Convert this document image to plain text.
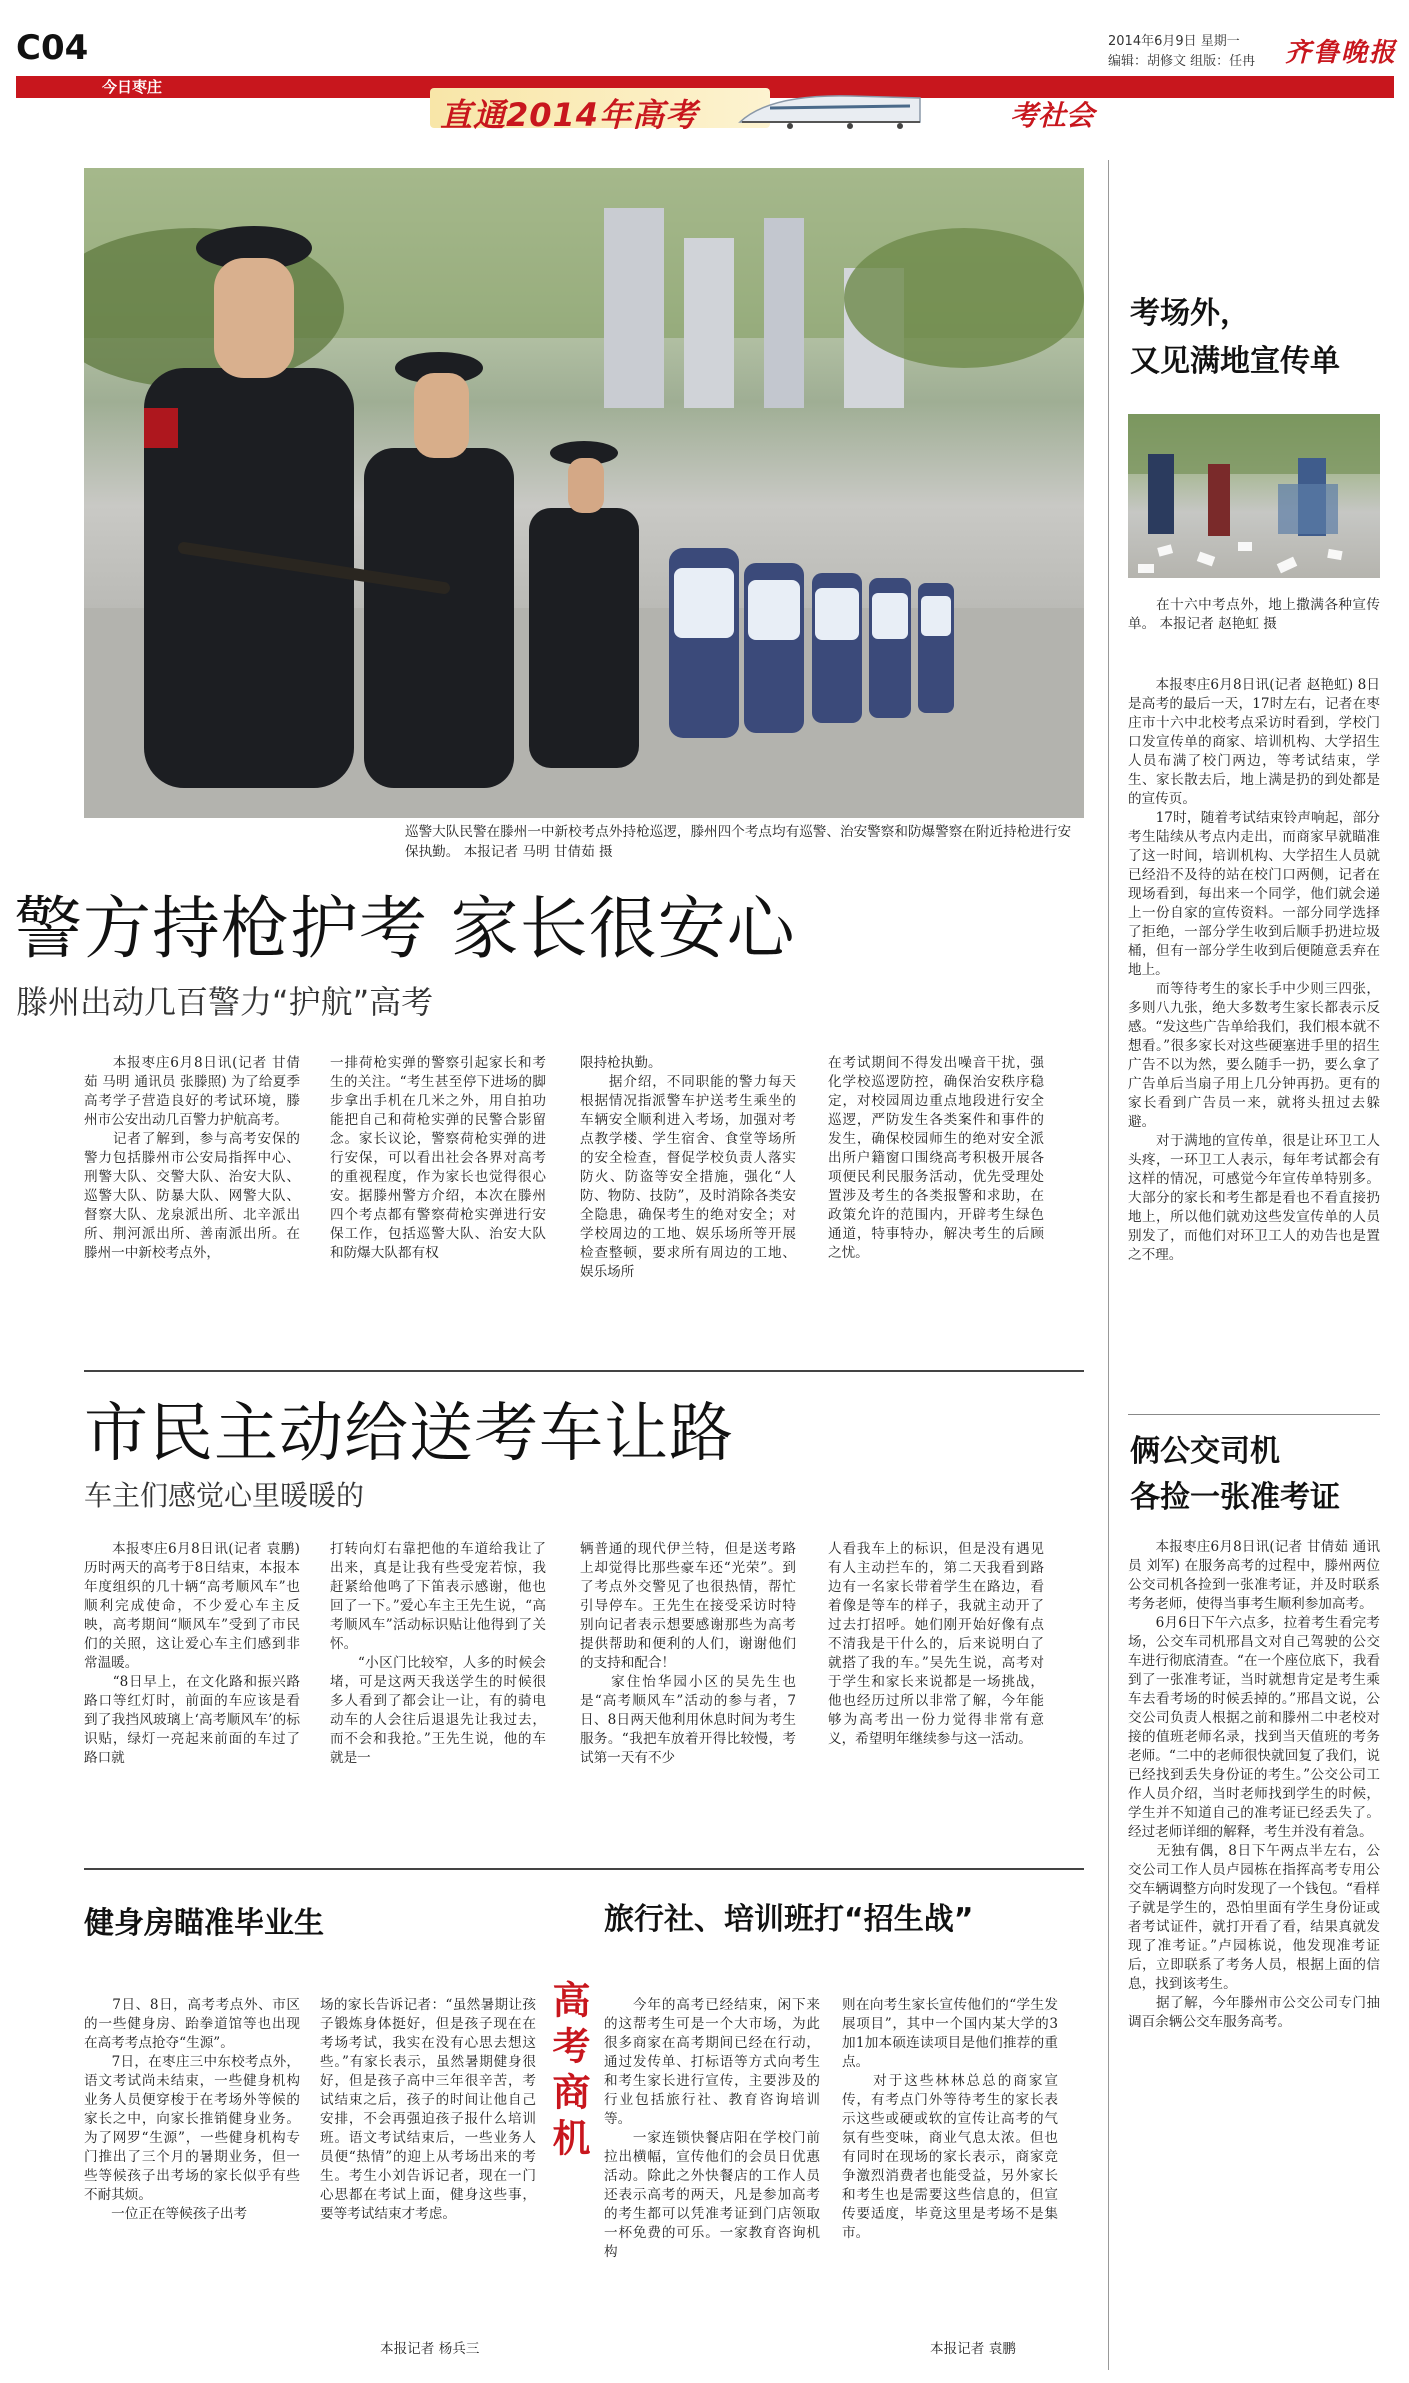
C04	2014年6月9日 星期一
编辑：胡修文 组版：任冉 齐鲁晚报
今日枣庄
直通2014年高考	考社会
巡警大队民警在滕州一中新校考点外持枪巡逻，滕州四个考点均有巡警、治安警察和防爆警察在附近持枪进行安保执勤。 本报记者 马明 甘倩茹 摄
警方持枪护考 家长很安心
滕州出动几百警力“护航”高考
　　本报枣庄6月8日讯(记者 甘倩茹 马明 通讯员 张滕照) 为了给夏季高考学子营造良好的考试环境，滕州市公安出动几百警力护航高考。
　　记者了解到，参与高考安保的警力包括滕州市公安局指挥中心、刑警大队、交警大队、治安大队、巡警大队、防暴大队、网警大队、督察大队、龙泉派出所、北辛派出所、荆河派出所、善南派出所。在滕州一中新校考点外，
一排荷枪实弹的警察引起家长和考生的关注。“考生甚至停下进场的脚步拿出手机在几米之外，用自拍功能把自己和荷枪实弹的民警合影留念。家长议论，警察荷枪实弹的进行安保，可以看出社会各界对高考的重视程度，作为家长也觉得很心安。据滕州警方介绍，本次在滕州四个考点都有警察荷枪实弹进行安保工作，包括巡警大队、治安大队和防爆大队都有权
限持枪执勤。
　　据介绍，不同职能的警力每天根据情况指派警车护送考生乘坐的车辆安全顺利进入考场，加强对考点教学楼、学生宿舍、食堂等场所的安全检查，督促学校负责人落实防火、防盗等安全措施，强化“人防、物防、技防”，及时消除各类安全隐患，确保考生的绝对安全；对学校周边的工地、娱乐场所等开展检查整顿，要求所有周边的工地、娱乐场所
在考试期间不得发出噪音干扰，强化学校巡逻防控，确保治安秩序稳定，对校园周边重点地段进行安全巡逻，严防发生各类案件和事件的发生，确保校园师生的绝对安全派出所户籍窗口围绕高考积极开展各项便民利民服务活动，优先受理处置涉及考生的各类报警和求助，在政策允许的范围内，开辟考生绿色通道，特事特办，解决考生的后顾之忧。
市民主动给送考车让路
车主们感觉心里暖暖的
　　本报枣庄6月8日讯(记者 袁鹏) 历时两天的高考于8日结束，本报本年度组织的几十辆“高考顺风车”也顺利完成使命，不少爱心车主反映，高考期间“顺风车”受到了市民们的关照，这让爱心车主们感到非常温暖。
　　“8日早上，在文化路和振兴路路口等红灯时，前面的车应该是看到了我挡风玻璃上‘高考顺风车’的标识贴，绿灯一亮起来前面的车过了路口就
打转向灯右靠把他的车道给我让了出来，真是让我有些受宠若惊，我赶紧给他鸣了下笛表示感谢，他也回了一下。”爱心车主王先生说，“高考顺风车”活动标识贴让他得到了关怀。
　　“小区门比较窄，人多的时候会堵，可是这两天我送学生的时候很多人看到了都会让一让，有的骑电动车的人会往后退退先让我过去，而不会和我抢。”王先生说，他的车就是一
辆普通的现代伊兰特，但是送考路上却觉得比那些豪车还“光荣”。到了考点外交警见了也很热情，帮忙引导停车。王先生在接受采访时特别向记者表示想要感谢那些为高考提供帮助和便利的人们，谢谢他们的支持和配合！
　　家住怡华园小区的吴先生也是“高考顺风车”活动的参与者，7日、8日两天他利用休息时间为考生服务。“我把车放着开得比较慢，考试第一天有不少
人看我车上的标识，但是没有遇见有人主动拦车的，第二天我看到路边有一名家长带着学生在路边，看着像是等车的样子，我就主动开了过去打招呼。她们刚开始好像有点不清我是干什么的，后来说明白了就搭了我的车。”吴先生说，高考对于学生和家长来说都是一场挑战，他也经历过所以非常了解，今年能够为高考出一份力觉得非常有意义，希望明年继续参与这一活动。
健身房瞄准毕业生
　　7日、8日，高考考点外、市区的一些健身房、跆拳道馆等也出现在高考考点抢夺“生源”。
　　7日，在枣庄三中东校考点外，语文考试尚未结束，一些健身机构业务人员便穿梭于在考场外等候的家长之中，向家长推销健身业务。为了网罗“生源”，一些健身机构专门推出了三个月的暑期业务，但一些等候孩子出考场的家长似乎有些不耐其烦。
　　一位正在等候孩子出考
场的家长告诉记者：“虽然暑期让孩子锻炼身体挺好，但是孩子现在在考场考试，我实在没有心思去想这些。”有家长表示，虽然暑期健身很好，但是孩子高中三年很辛苦，考试结束之后，孩子的时间让他自己安排，不会再强迫孩子报什么培训班。语文考试结束后，一些业务人员便“热情”的迎上从考场出来的考生。考生小刘告诉记者，现在一门心思都在考试上面，健身这些事，要等考试结束才考虑。
本报记者 杨兵三
高考商机
旅行社、培训班打“招生战”
　　今年的高考已经结束，闲下来的这帮考生可是一个大市场，为此很多商家在高考期间已经在行动，通过发传单、打标语等方式向考生和考生家长进行宣传，主要涉及的行业包括旅行社、教育咨询培训等。
　　一家连锁快餐店阳在学校门前拉出横幅，宣传他们的会员日优惠活动。除此之外快餐店的工作人员还表示高考的两天，凡是参加高考的考生都可以凭准考证到门店领取一杯免费的可乐。一家教育咨询机构
则在向考生家长宣传他们的“学生发展项目”，其中一个国内某大学的3加1加本硕连读项目是他们推荐的重点。
　　对于这些林林总总的商家宣传，有考点门外等待考生的家长表示这些或硬或软的宣传让高考的气氛有些变味，商业气息太浓。但也有同时在现场的家长表示，商家竞争激烈消费者也能受益，另外家长和考生也是需要这些信息的，但宣传要适度，毕竟这里是考场不是集市。
本报记者 袁鹏
考场外，
又见满地宣传单
　　在十六中考点外，地上撒满各种宣传单。 本报记者 赵艳虹 摄
　　本报枣庄6月8日讯(记者 赵艳虹) 8日是高考的最后一天，17时左右，记者在枣庄市十六中北校考点采访时看到，学校门口发宣传单的商家、培训机构、大学招生人员布满了校门两边，等考试结束，学生、家长散去后，地上满是扔的到处都是的宣传页。
　　17时，随着考试结束铃声响起，部分考生陆续从考点内走出，而商家早就瞄准了这一时间，培训机构、大学招生人员就已经沿不及待的站在校门口两侧，记者在现场看到，每出来一个同学，他们就会递上一份自家的宣传资料。一部分同学选择了拒绝，一部分学生收到后顺手扔进垃圾桶，但有一部分学生收到后便随意丢弃在地上。
　　而等待考生的家长手中少则三四张，多则八九张，绝大多数考生家长都表示反感。“发这些广告单给我们，我们根本就不想看。”很多家长对这些硬塞进手里的招生广告不以为然，要么随手一扔，要么拿了广告单后当扇子用上几分钟再扔。更有的家长看到广告员一来，就将头扭过去躲避。
　　对于满地的宣传单，很是让环卫工人头疼，一环卫工人表示，每年考试都会有这样的情况，可感觉今年宣传单特别多。大部分的家长和考生都是看也不看直接扔地上，所以他们就劝这些发宣传单的人员别发了，而他们对环卫工人的劝告也是置之不理。
俩公交司机
各捡一张准考证
　　本报枣庄6月8日讯(记者 甘倩茹 通讯员 刘军) 在服务高考的过程中，滕州两位公交司机各捡到一张准考证，并及时联系考务老师，使得当事考生顺利参加高考。
　　6月6日下午六点多，拉着考生看完考场，公交车司机邢昌文对自己驾驶的公交车进行彻底清查。“在一个座位底下，我看到了一张准考证，当时就想肯定是考生乘车去看考场的时候丢掉的。”邢昌文说，公交公司负责人根据之前和滕州二中老校对接的值班老师名录，找到当天值班的考务老师。“二中的老师很快就回复了我们，说已经找到丢失身份证的考生。”公交公司工作人员介绍，当时老师找到学生的时候，学生并不知道自己的准考证已经丢失了。经过老师详细的解释，考生并没有着急。
　　无独有偶，8日下午两点半左右，公交公司工作人员卢园栋在指挥高考专用公交车辆调整方向时发现了一个钱包。“看样子就是学生的，恐怕里面有学生身份证或者考试证件，就打开看了看，结果真就发现了准考证。”卢园栋说，他发现准考证后，立即联系了考务人员，根据上面的信息，找到该考生。
　　据了解，今年滕州市公交公司专门抽调百余辆公交车服务高考。
